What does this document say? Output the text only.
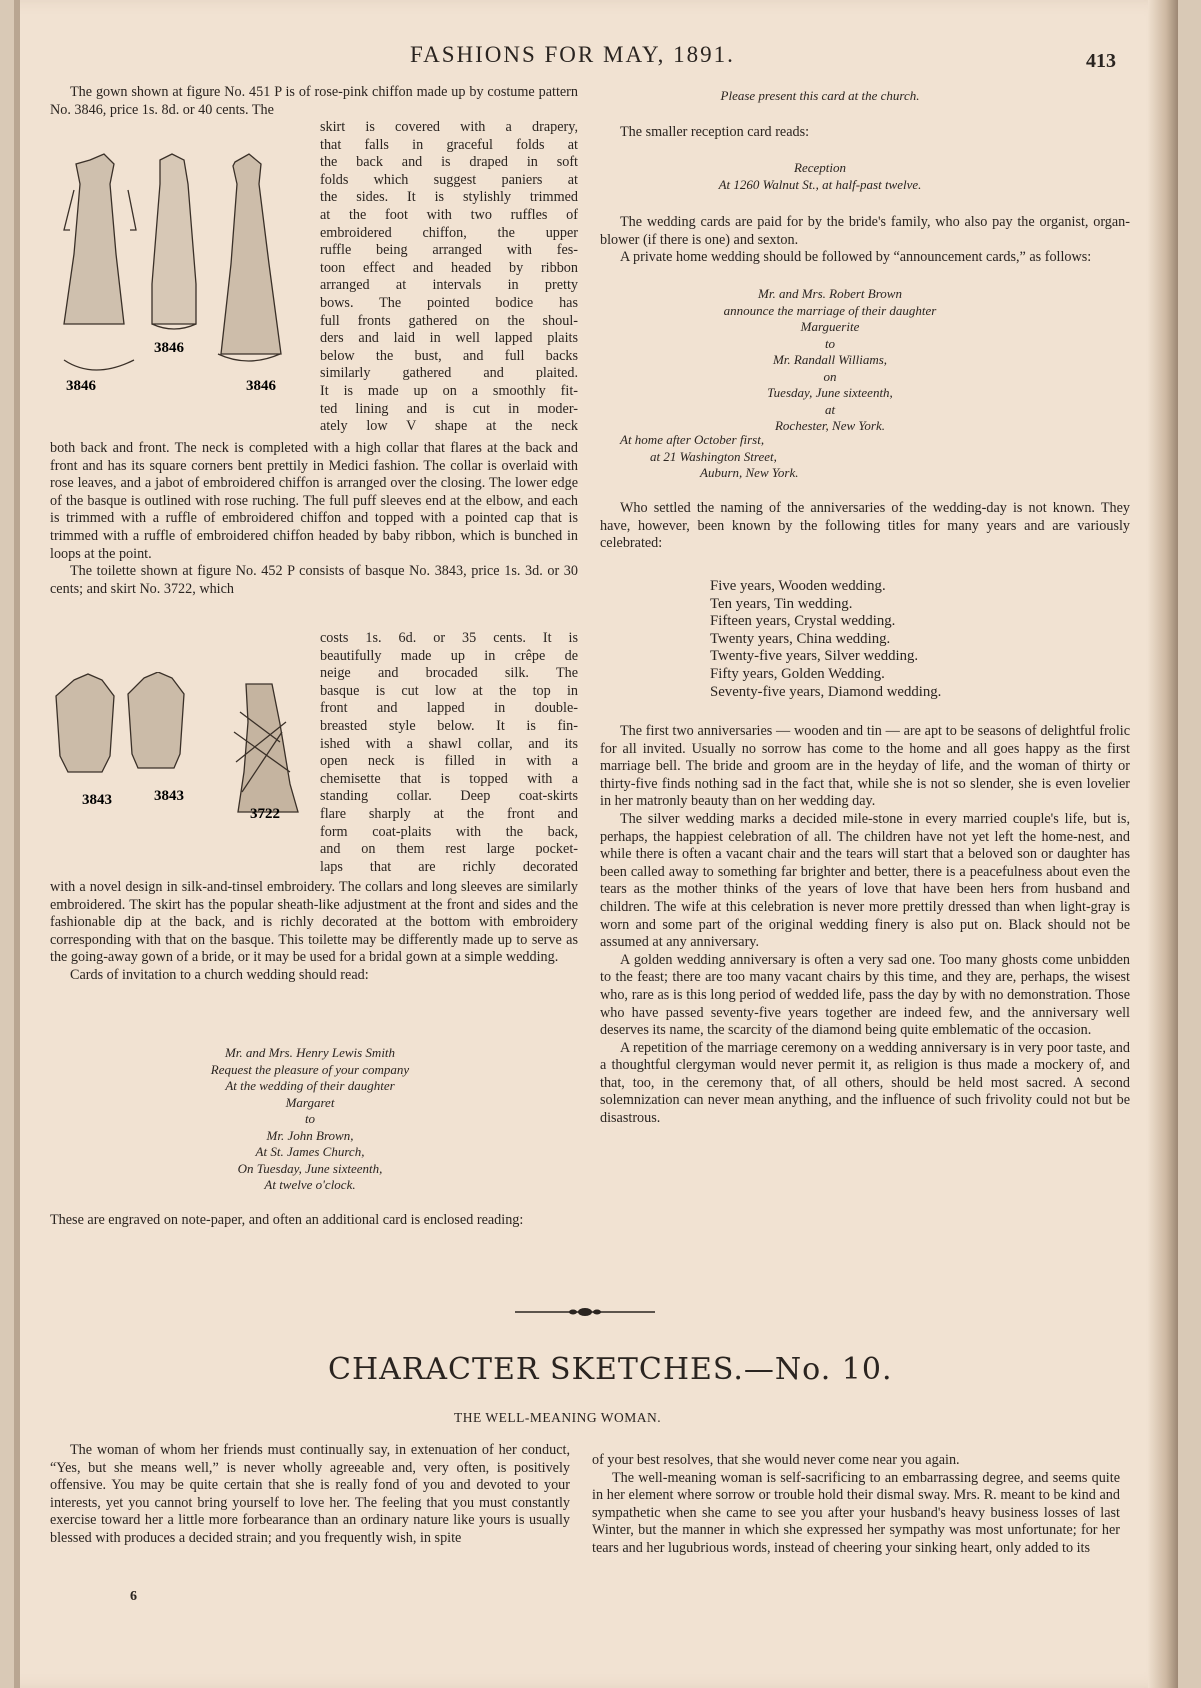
FASHIONS FOR MAY, 1891.	413

The gown shown at figure No. 451 P is of rose-pink chiffon made up by costume pattern No. 3846, price 1s. 8d. or 40 cents. The

3846
3846
3846
skirt is covered with a drapery,
that falls in graceful folds at
the back and is draped in soft
folds which suggest paniers at
the sides. It is stylishly trimmed
at the foot with two ruffles of
embroidered chiffon, the upper
ruffle being arranged with fes-
toon effect and headed by ribbon
arranged at intervals in pretty
bows. The pointed bodice has
full fronts gathered on the shoul-
ders and laid in well lapped plaits
below the bust, and full backs
similarly gathered and plaited.
It is made up on a smoothly fit-
ted lining and is cut in moder-
ately low V shape at the neck

both back and front. The neck is completed with a high collar that flares at the back and front and has its square corners bent prettily in Medici fashion. The collar is overlaid with rose leaves, and a jabot of embroidered chiffon is arranged over the closing. The lower edge of the basque is outlined with rose ruching. The full puff sleeves end at the elbow, and each is trimmed with a ruffle of embroidered chiffon and topped with a pointed cap that is trimmed with a ruffle of embroidered chiffon headed by baby ribbon, which is bunched in loops at the point.

The toilette shown at figure No. 452 P consists of basque No. 3843, price 1s. 3d. or 30 cents; and skirt No. 3722, which

3843	3843
3722
costs 1s. 6d. or 35 cents. It is
beautifully made up in crêpe de
neige and brocaded silk. The
basque is cut low at the top in
front and lapped in double-
breasted style below. It is fin-
ished with a shawl collar, and its
open neck is filled in with a
chemisette that is topped with a
standing collar. Deep coat-skirts
flare sharply at the front and
form coat-plaits with the back,
and on them rest large pocket-
laps that are richly decorated

with a novel design in silk-and-tinsel embroidery. The collars and long sleeves are similarly embroidered. The skirt has the popular sheath-like adjustment at the front and sides and the fashionable dip at the back, and is richly decorated at the bottom with embroidery corresponding with that on the basque. This toilette may be differently made up to serve as the going-away gown of a bride, or it may be used for a bridal gown at a simple wedding.

Cards of invitation to a church wedding should read:

Mr. and Mrs. Henry Lewis Smith
Request the pleasure of your company
At the wedding of their daughter
Margaret
to
Mr. John Brown,
At St. James Church,
On Tuesday, June sixteenth,
At twelve o'clock.

These are engraved on note-paper, and often an additional card is enclosed reading:

Please present this card at the church.

The smaller reception card reads:

Reception
At 1260 Walnut St., at half-past twelve.

The wedding cards are paid for by the bride's family, who also pay the organist, organ-blower (if there is one) and sexton.

A private home wedding should be followed by “announcement cards,” as follows:

Mr. and Mrs. Robert Brown
announce the marriage of their daughter
Marguerite
to
Mr. Randall Williams,
on
Tuesday, June sixteenth,
at
Rochester, New York.
At home after October first,
at 21 Washington Street,
Auburn, New York.

Who settled the naming of the anniversaries of the wedding-day is not known. They have, however, been known by the following titles for many years and are variously celebrated:

Five years, Wooden wedding.
Ten years, Tin wedding.
Fifteen years, Crystal wedding.
Twenty years, China wedding.
Twenty-five years, Silver wedding.
Fifty years, Golden Wedding.
Seventy-five years, Diamond wedding.

The first two anniversaries — wooden and tin — are apt to be seasons of delightful frolic for all invited. Usually no sorrow has come to the home and all goes happy as the first marriage bell. The bride and groom are in the heyday of life, and the woman of thirty or thirty-five finds nothing sad in the fact that, while she is not so slender, she is even lovelier in her matronly beauty than on her wedding day.

The silver wedding marks a decided mile-stone in every married couple's life, but is, perhaps, the happiest celebration of all. The children have not yet left the home-nest, and while there is often a vacant chair and the tears will start that a beloved son or daughter has been called away to something far brighter and better, there is a peacefulness about even the tears as the mother thinks of the years of love that have been hers from husband and children. The wife at this celebration is never more prettily dressed than when light-gray is worn and some part of the original wedding finery is also put on. Black should not be assumed at any anniversary.

A golden wedding anniversary is often a very sad one. Too many ghosts come unbidden to the feast; there are too many vacant chairs by this time, and they are, perhaps, the wisest who, rare as is this long period of wedded life, pass the day by with no demonstration. Those who have passed seventy-five years together are indeed few, and the anniversary well deserves its name, the scarcity of the diamond being quite emblematic of the occasion.

A repetition of the marriage ceremony on a wedding anniversary is in very poor taste, and a thoughtful clergyman would never permit it, as religion is thus made a mockery of, and that, too, in the ceremony that, of all others, should be held most sacred. A second solemnization can never mean anything, and the influence of such frivolity could not but be disastrous.

CHARACTER SKETCHES.—No. 10.
THE WELL-MEANING WOMAN.

The woman of whom her friends must continually say, in extenuation of her conduct, “Yes, but she means well,” is never wholly agreeable and, very often, is positively offensive. You may be quite certain that she is really fond of you and devoted to your interests, yet you cannot bring yourself to love her. The feeling that you must constantly exercise toward her a little more forbearance than an ordinary nature like yours is usually blessed with produces a decided strain; and you frequently wish, in spite

of your best resolves, that she would never come near you again.

The well-meaning woman is self-sacrificing to an embarrassing degree, and seems quite in her element where sorrow or trouble hold their dismal sway. Mrs. R. meant to be kind and sympathetic when she came to see you after your husband's heavy business losses of last Winter, but the manner in which she expressed her sympathy was most unfortunate; for her tears and her lugubrious words, instead of cheering your sinking heart, only added to its

6
